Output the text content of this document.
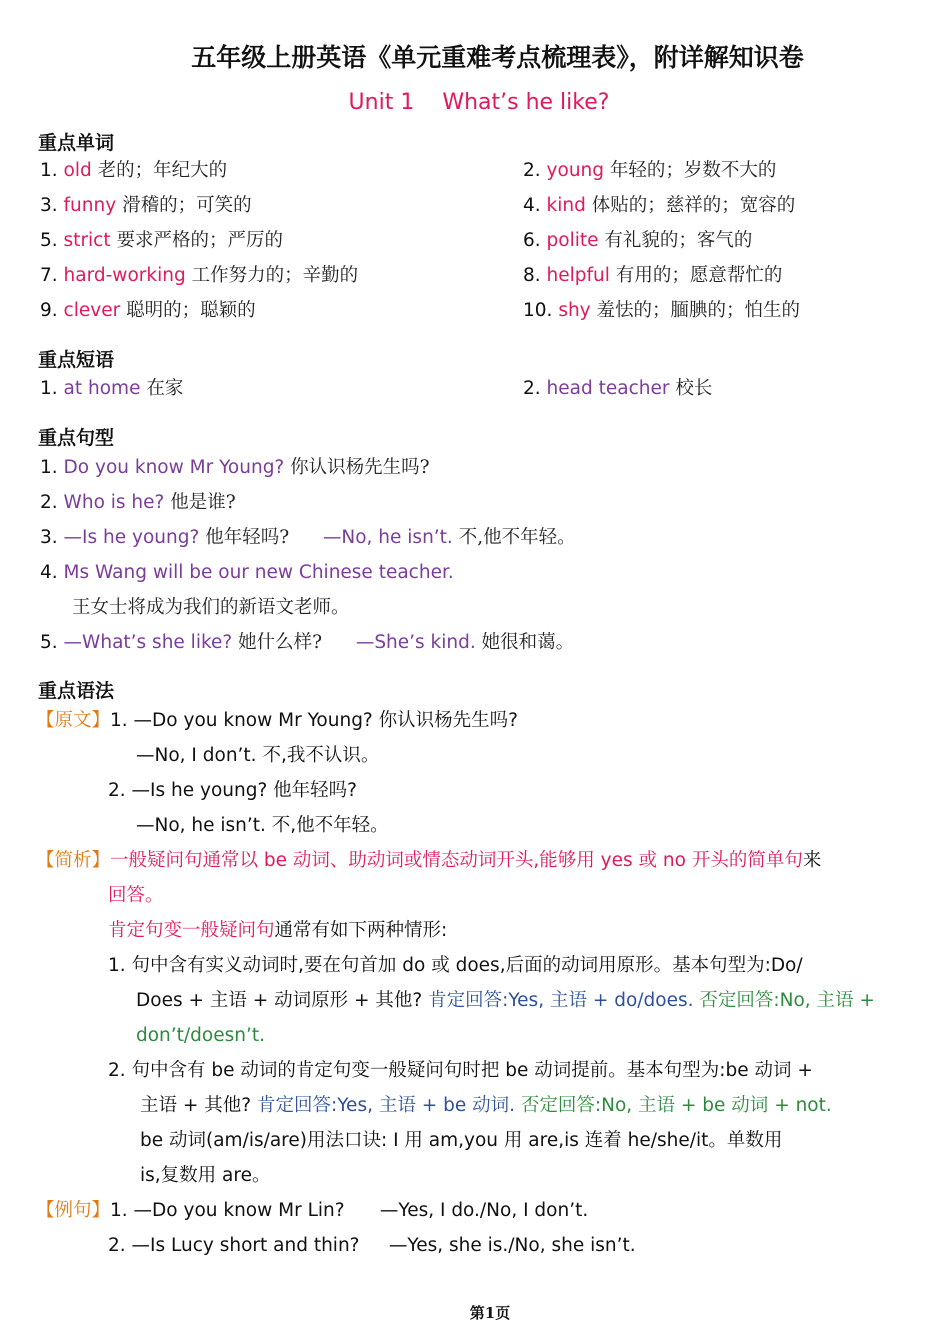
五年级上册英语《单元重难考点梳理表》，附详解知识卷
Unit 1 What’s he like?
重点单词
1. old 老的；年纪大的	2. young 年轻的；岁数不大的
3. funny 滑稽的；可笑的	4. kind 体贴的；慈祥的；宽容的
5. strict 要求严格的；严厉的	6. polite 有礼貌的；客气的
7. hard-working 工作努力的；辛勤的	8. helpful 有用的；愿意帮忙的
9. clever 聪明的；聪颖的	10. shy 羞怯的；腼腆的；怕生的
重点短语
1. at home 在家	2. head teacher 校长
重点句型
1. Do you know Mr Young? 你认识杨先生吗?
2. Who is he? 他是谁?
3. —Is he young? 他年轻吗? —No, he isn’t. 不,他不年轻。
4. Ms Wang will be our new Chinese teacher.
王女士将成为我们的新语文老师。
5. —What’s she like? 她什么样? —She’s kind. 她很和蔼。
重点语法
【原文】1. —Do you know Mr Young? 你认识杨先生吗?
—No, I don’t. 不,我不认识。
2. —Is he young? 他年轻吗?
—No, he isn’t. 不,他不年轻。
【简析】一般疑问句通常以 be 动词、助动词或情态动词开头,能够用 yes 或 no 开头的简单句来
回答。
肯定句变一般疑问句通常有如下两种情形:
1. 句中含有实义动词时,要在句首加 do 或 does,后面的动词用原形。基本句型为:Do/
Does + 主语 + 动词原形 + 其他? 肯定回答:Yes, 主语 + do/does. 否定回答:No, 主语 +
don’t/doesn’t.
2. 句中含有 be 动词的肯定句变一般疑问句时把 be 动词提前。基本句型为:be 动词 +
主语 + 其他? 肯定回答:Yes, 主语 + be 动词. 否定回答:No, 主语 + be 动词 + not.
be 动词(am/is/are)用法口诀: I 用 am,you 用 are,is 连着 he/she/it。单数用
is,复数用 are。
【例句】1. —Do you know Mr Lin?      —Yes, I do./No, I don’t.
2. —Is Lucy short and thin?     —Yes, she is./No, she isn’t.
第1页
